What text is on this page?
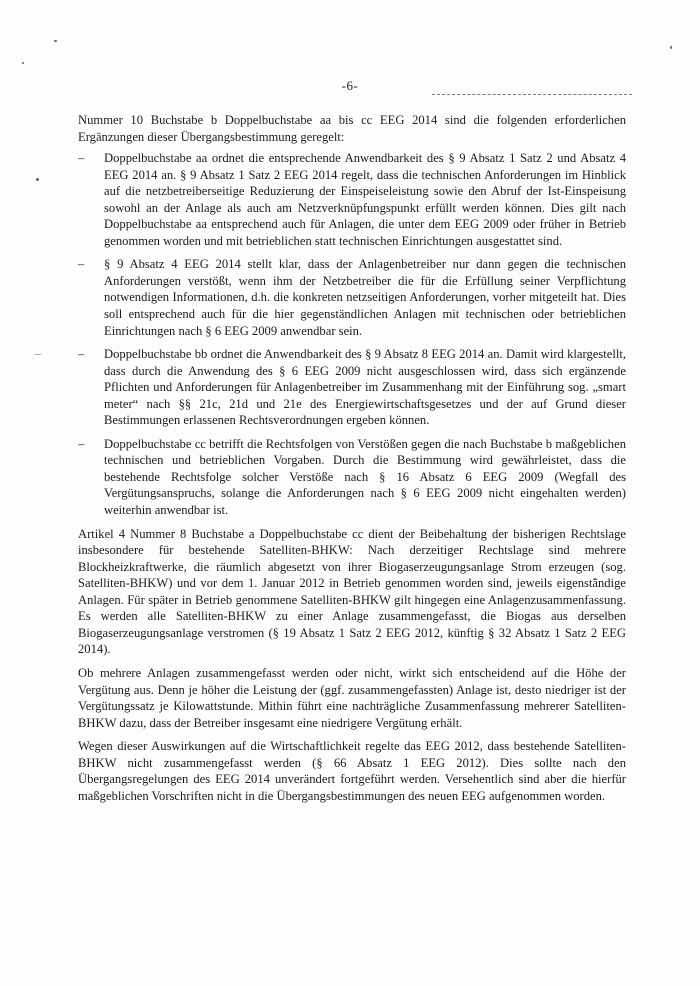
-6-

Nummer 10 Buchstabe b Doppelbuchstabe aa bis cc EEG 2014 sind die folgenden erforderlichen Ergänzungen dieser Übergangsbestimmung geregelt:

– Doppelbuchstabe aa ordnet die entsprechende Anwendbarkeit des § 9 Absatz 1 Satz 2 und Absatz 4 EEG 2014 an. § 9 Absatz 1 Satz 2 EEG 2014 regelt, dass die technischen Anforderungen im Hinblick auf die netzbetreiberseitige Reduzierung der Einspeiseleistung sowie den Abruf der Ist-Einspeisung sowohl an der Anlage als auch am Netzverknüpfungspunkt erfüllt werden können. Dies gilt nach Doppelbuchstabe aa entsprechend auch für Anlagen, die unter dem EEG 2009 oder früher in Betrieb genommen worden und mit betrieblichen statt technischen Einrichtungen ausgestattet sind.
– § 9 Absatz 4 EEG 2014 stellt klar, dass der Anlagenbetreiber nur dann gegen die technischen Anforderungen verstößt, wenn ihm der Netzbetreiber die für die Erfüllung seiner Verpflichtung notwendigen Informationen, d.h. die konkreten netzseitigen Anforderungen, vorher mitgeteilt hat. Dies soll entsprechend auch für die hier gegenständlichen Anlagen mit technischen oder betrieblichen Einrichtungen nach § 6 EEG 2009 anwendbar sein.
– Doppelbuchstabe bb ordnet die Anwendbarkeit des § 9 Absatz 8 EEG 2014 an. Damit wird klargestellt, dass durch die Anwendung des § 6 EEG 2009 nicht ausgeschlossen wird, dass sich ergänzende Pflichten und Anforderungen für Anlagenbetreiber im Zusammenhang mit der Einführung sog. „smart meter“ nach §§ 21c, 21d und 21e des Energiewirtschaftsgesetzes und der auf Grund dieser Bestimmungen erlassenen Rechtsverordnungen ergeben können.
– Doppelbuchstabe cc betrifft die Rechtsfolgen von Verstößen gegen die nach Buchstabe b maßgeblichen technischen und betrieblichen Vorgaben. Durch die Bestimmung wird gewährleistet, dass die bestehende Rechtsfolge solcher Verstöße nach § 16 Absatz 6 EEG 2009 (Wegfall des Vergütungsanspruchs, solange die Anforderungen nach § 6 EEG 2009 nicht eingehalten werden) weiterhin anwendbar ist.

Artikel 4 Nummer 8 Buchstabe a Doppelbuchstabe cc dient der Beibehaltung der bisherigen Rechtslage insbesondere für bestehende Satelliten-BHKW: Nach derzeitiger Rechtslage sind mehrere Blockheizkraftwerke, die räumlich abgesetzt von ihrer Biogaserzeugungsanlage Strom erzeugen (sog. Satelliten-BHKW) und vor dem 1. Januar 2012 in Betrieb genommen worden sind, jeweils eigenständige Anlagen. Für später in Betrieb genommene Satelliten-BHKW gilt hingegen eine Anlagenzusammenfassung. Es werden alle Satelliten-BHKW zu einer Anlage zusammengefasst, die Biogas aus derselben Biogaserzeugungsanlage verstromen (§ 19 Absatz 1 Satz 2 EEG 2012, künftig § 32 Absatz 1 Satz 2 EEG 2014).

Ob mehrere Anlagen zusammengefasst werden oder nicht, wirkt sich entscheidend auf die Höhe der Vergütung aus. Denn je höher die Leistung der (ggf. zusammengefassten) Anlage ist, desto niedriger ist der Vergütungssatz je Kilowattstunde. Mithin führt eine nachträgliche Zusammenfassung mehrerer Satelliten-BHKW dazu, dass der Betreiber insgesamt eine niedrigere Vergütung erhält.

Wegen dieser Auswirkungen auf die Wirtschaftlichkeit regelte das EEG 2012, dass bestehende Satelliten-BHKW nicht zusammengefasst werden (§ 66 Absatz 1 EEG 2012). Dies sollte nach den Übergangsregelungen des EEG 2014 unverändert fortgeführt werden. Versehentlich sind aber die hierfür maßgeblichen Vorschriften nicht in die Übergangsbestimmungen des neuen EEG aufgenommen worden.
